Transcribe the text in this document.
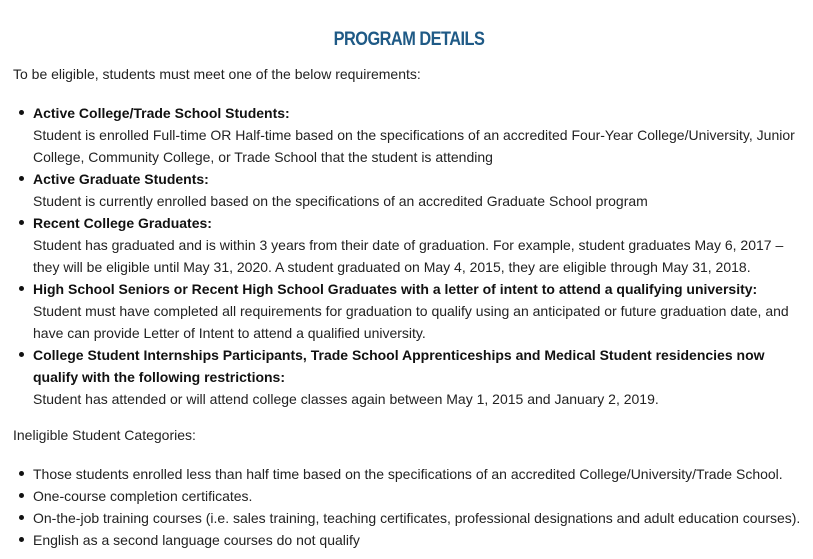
PROGRAM DETAILS
To be eligible, students must meet one of the below requirements:
Active College/Trade School Students:
Student is enrolled Full-time OR Half-time based on the specifications of an accredited Four-Year College/University, Junior College, Community College, or Trade School that the student is attending
Active Graduate Students:
Student is currently enrolled based on the specifications of an accredited Graduate School program
Recent College Graduates:
Student has graduated and is within 3 years from their date of graduation. For example, student graduates May 6, 2017 – they will be eligible until May 31, 2020. A student graduated on May 4, 2015, they are eligible through May 31, 2018.
High School Seniors or Recent High School Graduates with a letter of intent to attend a qualifying university:
Student must have completed all requirements for graduation to qualify using an anticipated or future graduation date, and have can provide Letter of Intent to attend a qualified university.
College Student Internships Participants, Trade School Apprenticeships and Medical Student residencies now qualify with the following restrictions:
Student has attended or will attend college classes again between May 1, 2015 and January 2, 2019.
Ineligible Student Categories:
Those students enrolled less than half time based on the specifications of an accredited College/University/Trade School.
One-course completion certificates.
On-the-job training courses (i.e. sales training, teaching certificates, professional designations and adult education courses).
English as a second language courses do not qualify
